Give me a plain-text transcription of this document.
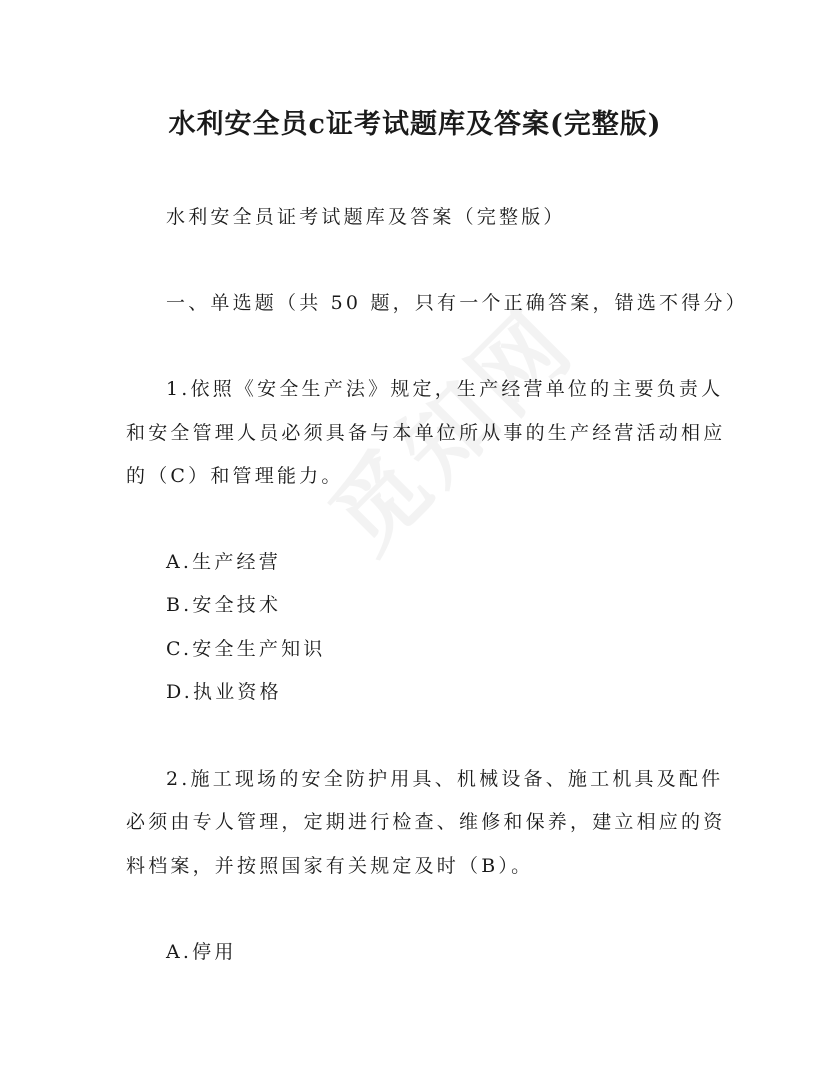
水利安全员c证考试题库及答案(完整版)
水利安全员证考试题库及答案（完整版）
一、单选题（共 50 题，只有一个正确答案，错选不得分）
1.依照《安全生产法》规定，生产经营单位的主要负责人
和安全管理人员必须具备与本单位所从事的生产经营活动相应
的（C）和管理能力。
A.生产经营
B.安全技术
C.安全生产知识
D.执业资格
2.施工现场的安全防护用具、机械设备、施工机具及配件
必须由专人管理，定期进行检查、维修和保养，建立相应的资
料档案，并按照国家有关规定及时（B）。
A.停用
